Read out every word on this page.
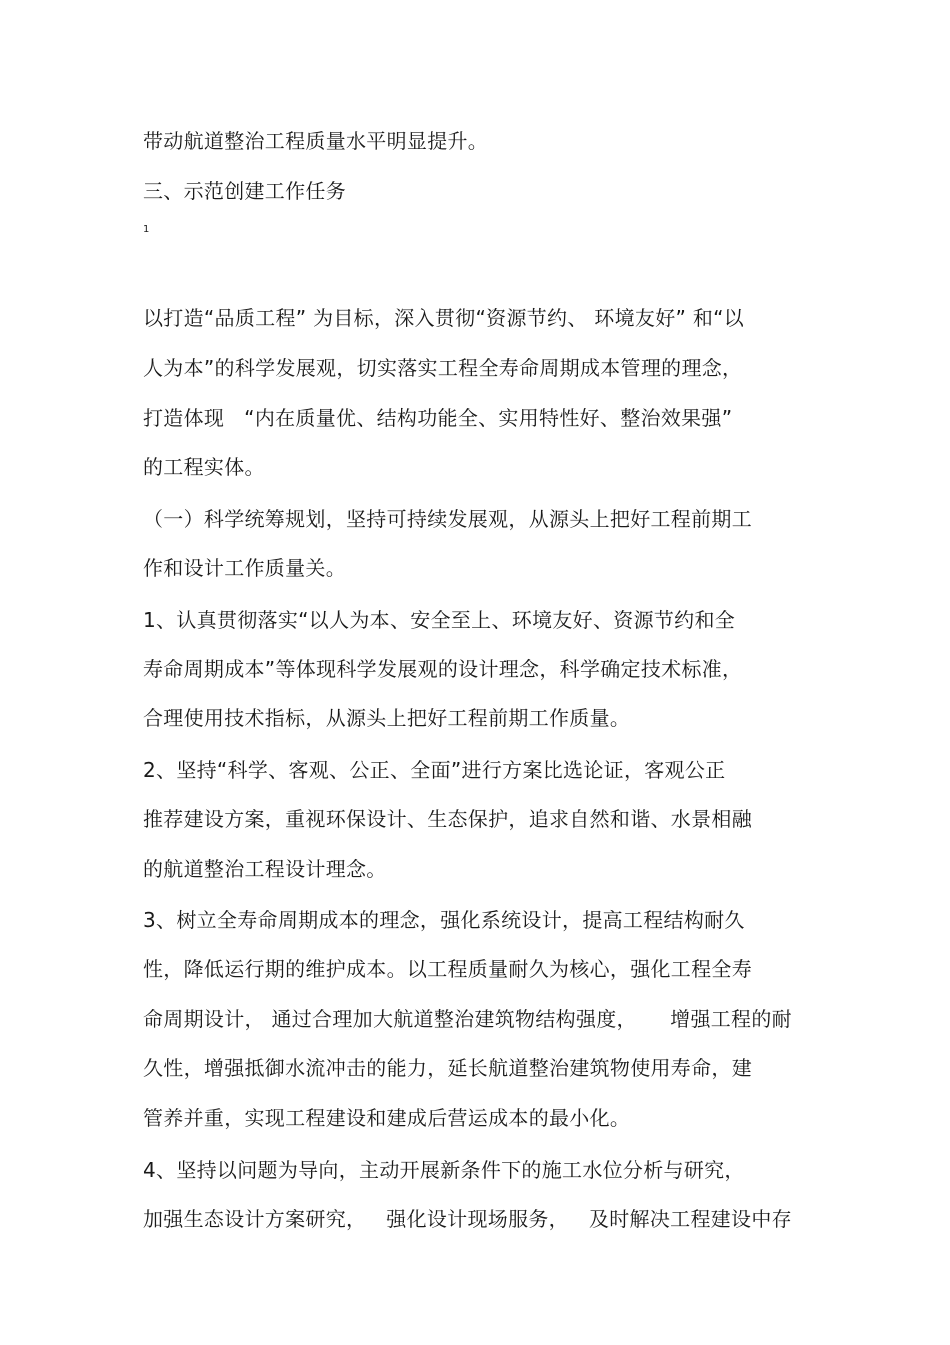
带动航道整治工程质量水平明显提升。
三、示范创建工作任务
1
以打造“品质工程” 为目标，深入贯彻“资源节约、 环境友好” 和“以
人为本”的科学发展观，切实落实工程全寿命周期成本管理的理念，
打造体现   “内在质量优、结构功能全、实用特性好、整治效果强”
的工程实体。
（一）科学统筹规划，坚持可持续发展观，从源头上把好工程前期工
作和设计工作质量关。
1、认真贯彻落实“以人为本、安全至上、环境友好、资源节约和全
寿命周期成本”等体现科学发展观的设计理念，科学确定技术标准，
合理使用技术指标，从源头上把好工程前期工作质量。
2、坚持“科学、客观、公正、全面”进行方案比选论证，客观公正
推荐建设方案，重视环保设计、生态保护，追求自然和谐、水景相融
的航道整治工程设计理念。
3、树立全寿命周期成本的理念，强化系统设计，提高工程结构耐久
性，降低运行期的维护成本。以工程质量耐久为核心，强化工程全寿
命周期设计， 通过合理加大航道整治建筑物结构强度，     增强工程的耐
久性，增强抵御水流冲击的能力，延长航道整治建筑物使用寿命，建
管养并重，实现工程建设和建成后营运成本的最小化。
4、坚持以问题为导向，主动开展新条件下的施工水位分析与研究，
加强生态设计方案研究，   强化设计现场服务，   及时解决工程建设中存
